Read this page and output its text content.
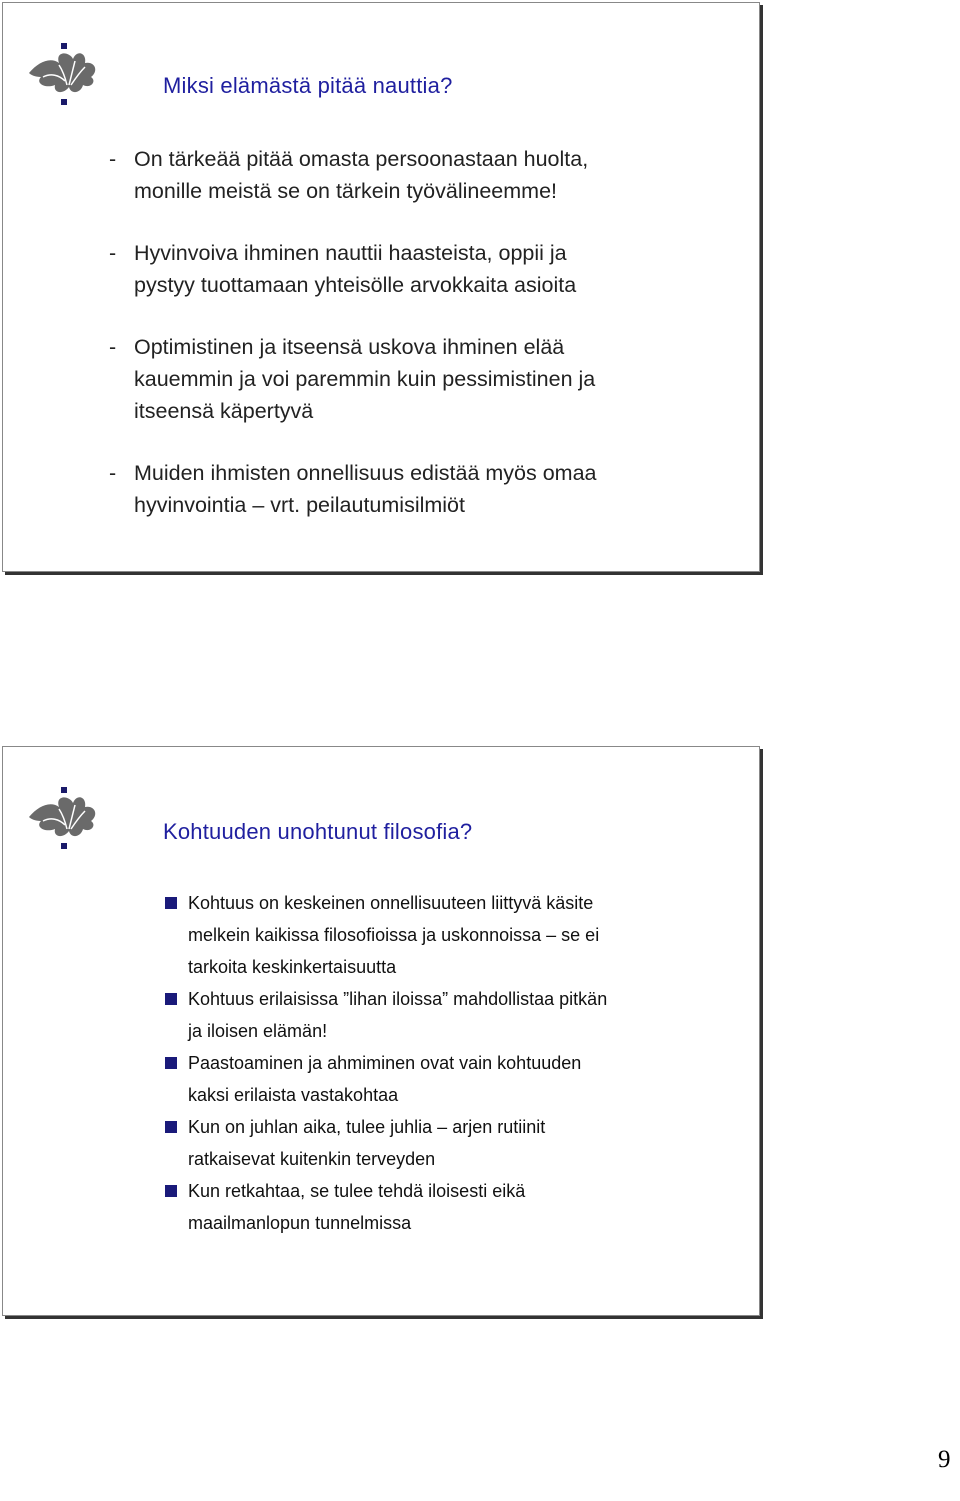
Miksi elämästä pitää nauttia?
- On tärkeää pitää omasta persoonastaan huolta,
monille meistä se on tärkein työvälineemme!
- Hyvinvoiva ihminen nauttii haasteista, oppii ja
pystyy tuottamaan yhteisölle arvokkaita asioita
- Optimistinen ja itseensä uskova ihminen elää
kauemmin ja voi paremmin kuin pessimistinen ja
itseensä käpertyvä
- Muiden ihmisten onnellisuus edistää myös omaa
hyvinvointia – vrt. peilautumisilmiöt
Kohtuuden unohtunut filosofia?
Kohtuus on keskeinen onnellisuuteen liittyvä käsite
melkein kaikissa filosofioissa ja uskonnoissa – se ei
tarkoita keskinkertaisuutta
Kohtuus erilaisissa ”lihan iloissa” mahdollistaa pitkän
ja iloisen elämän!
Paastoaminen ja ahmiminen ovat vain kohtuuden
kaksi erilaista vastakohtaa
Kun on juhlan aika, tulee juhlia – arjen rutiinit
ratkaisevat kuitenkin terveyden
Kun retkahtaa, se tulee tehdä iloisesti eikä
maailmanlopun tunnelmissa
9
